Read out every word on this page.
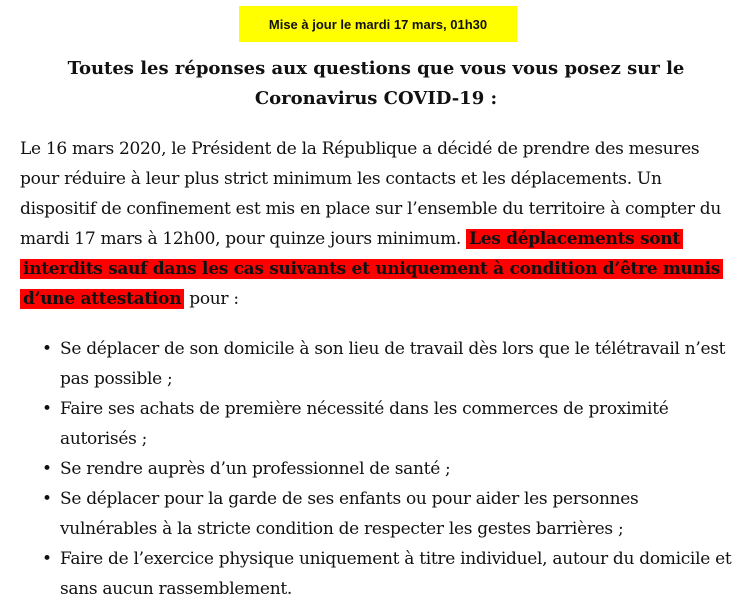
Mise à jour le mardi 17 mars, 01h30
Toutes les réponses aux questions que vous vous posez sur le
Coronavirus COVID-19 :

Le 16 mars 2020, le Président de la République a décidé de prendre des mesures pour réduire à leur plus strict minimum les contacts et les déplacements. Un dispositif de confinement est mis en place sur l’ensemble du territoire à compter du mardi 17 mars à 12h00, pour quinze jours minimum. Les déplacements sont interdits sauf dans les cas suivants et uniquement à condition d’être munis d’une attestation pour :

• Se déplacer de son domicile à son lieu de travail dès lors que le télétravail n’est pas possible ;
• Faire ses achats de première nécessité dans les commerces de proximité autorisés ;
• Se rendre auprès d’un professionnel de santé ;
• Se déplacer pour la garde de ses enfants ou pour aider les personnes vulnérables à la stricte condition de respecter les gestes barrières ;
• Faire de l’exercice physique uniquement à titre individuel, autour du domicile et sans aucun rassemblement.
